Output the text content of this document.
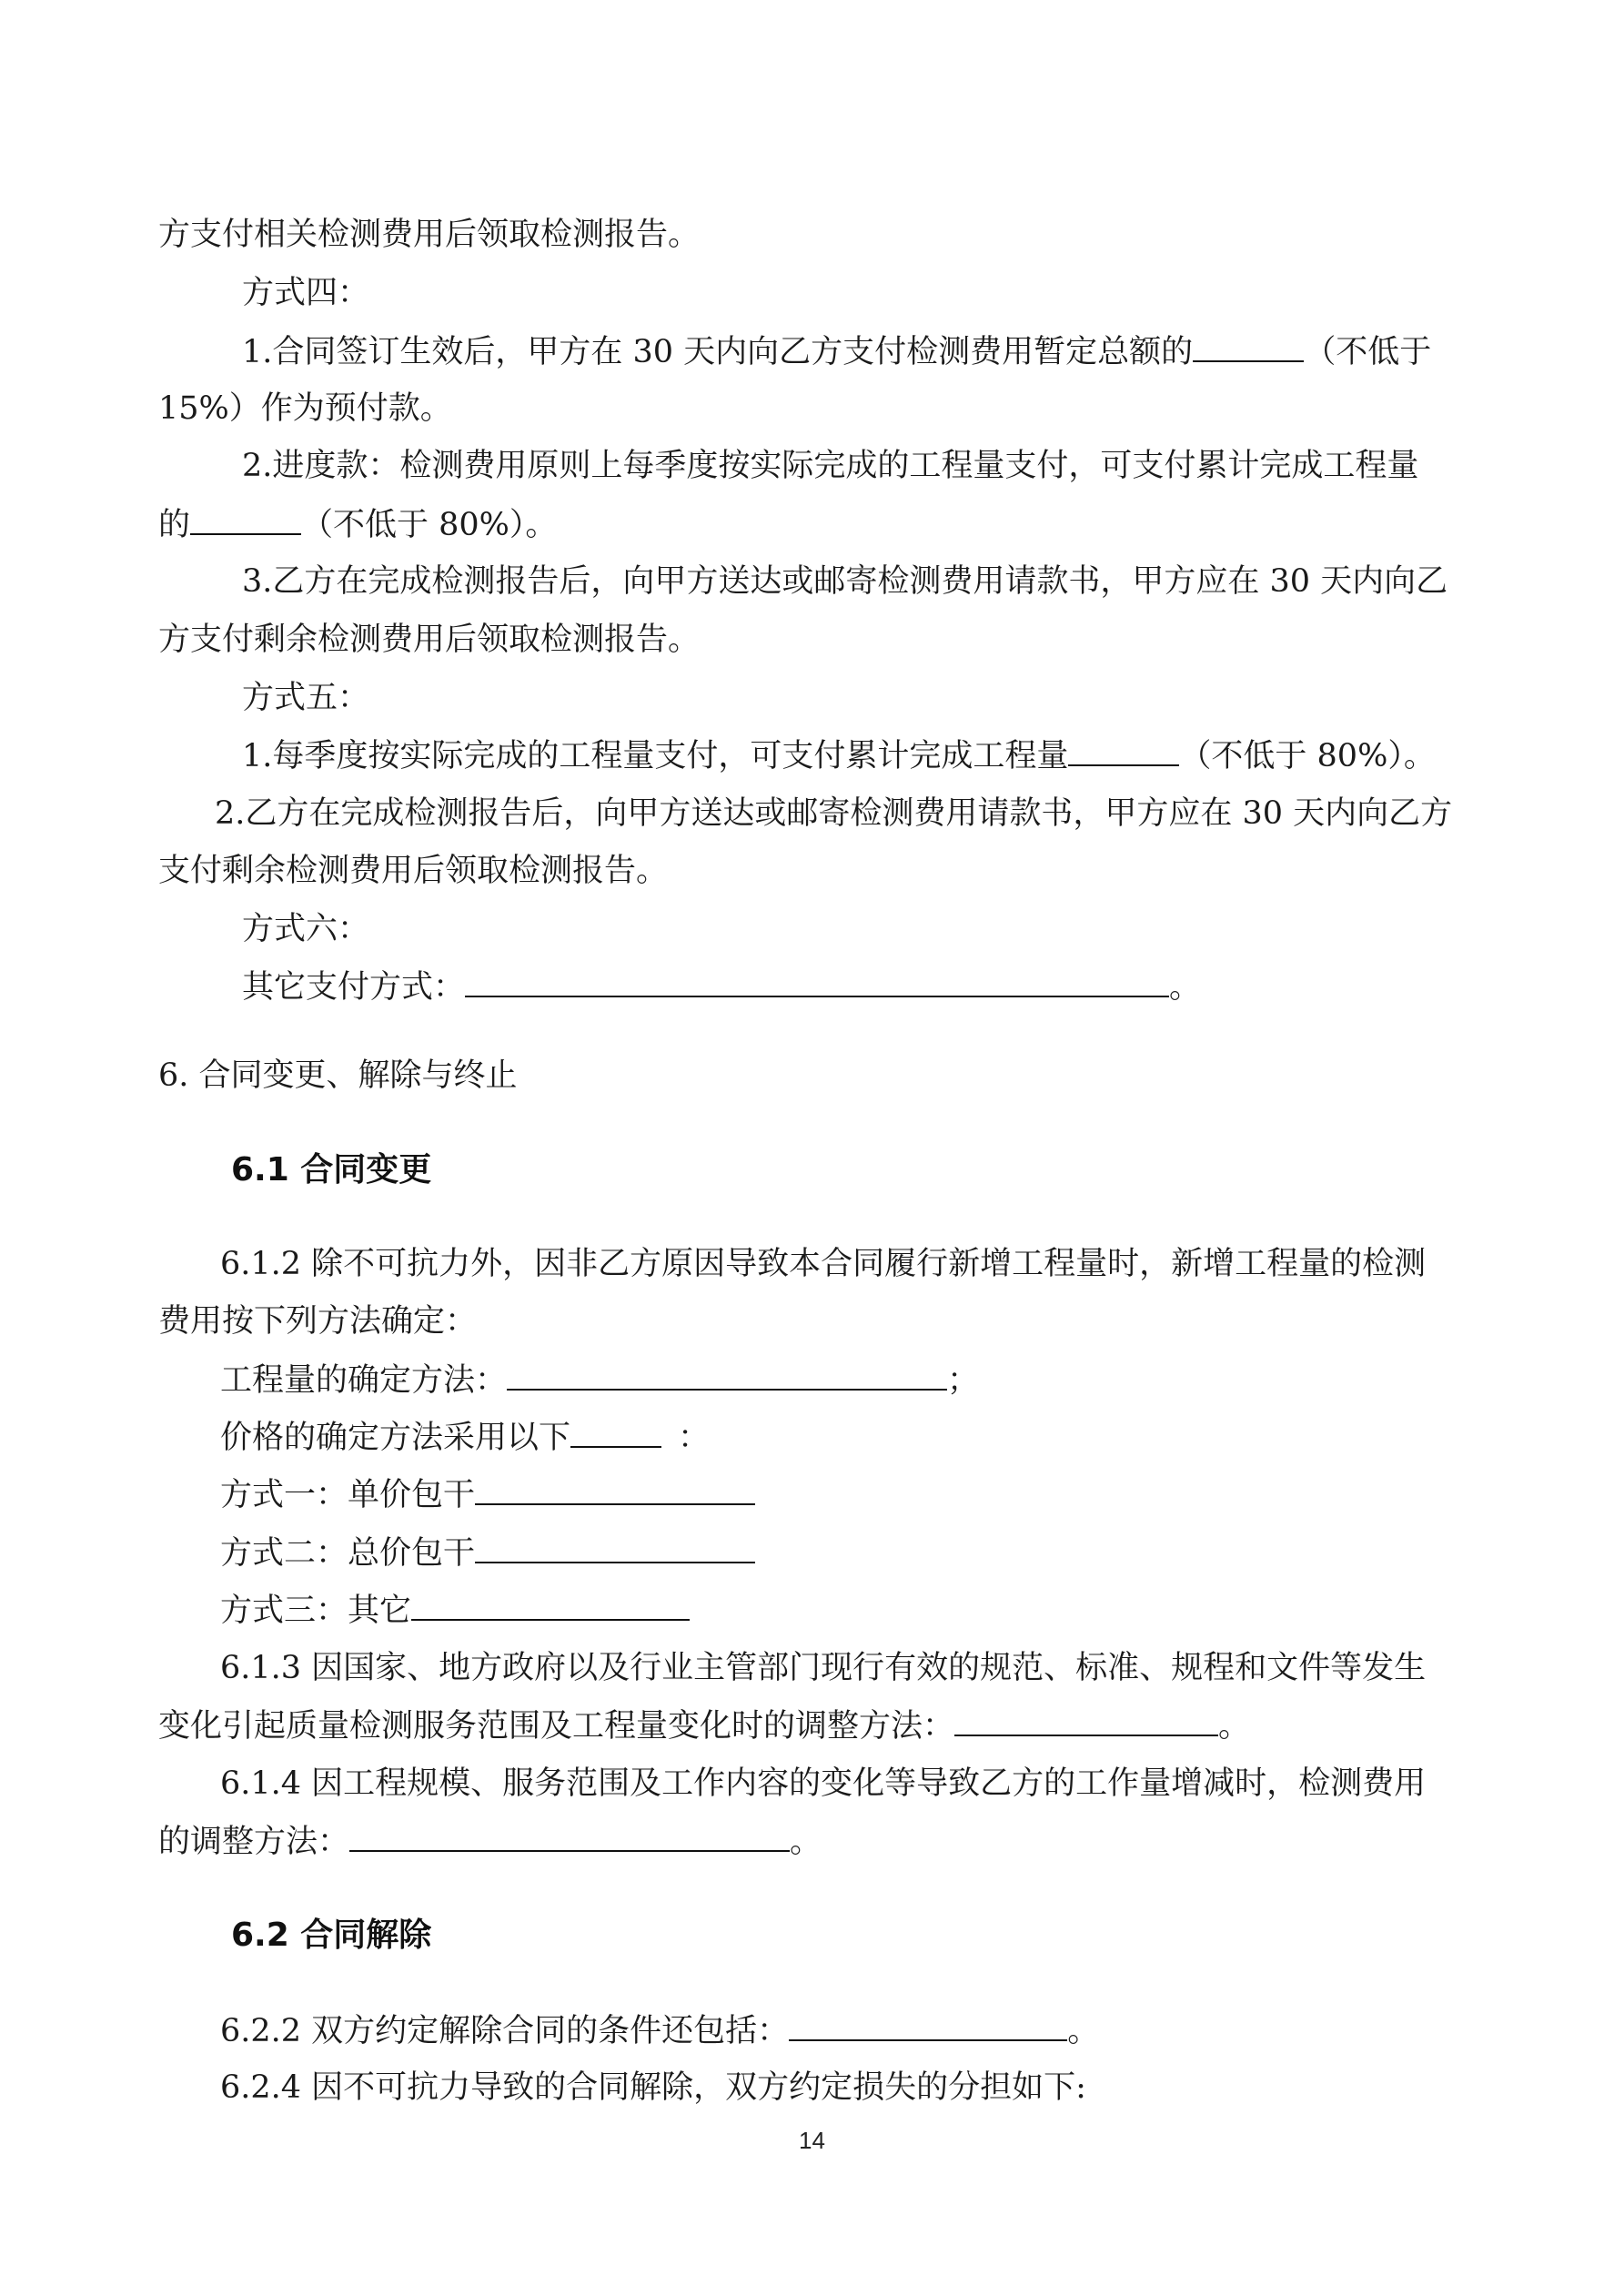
方支付相关检测费用后领取检测报告。
方式四：
1.合同签订生效后，甲方在 30 天内向乙方支付检测费用暂定总额的	（不低于
15%）作为预付款。
2.进度款：检测费用原则上每季度按实际完成的工程量支付，可支付累计完成工程量
的	（不低于 80%）。
3.乙方在完成检测报告后，向甲方送达或邮寄检测费用请款书，甲方应在 30 天内向乙
方支付剩余检测费用后领取检测报告。
方式五：
1.每季度按实际完成的工程量支付，可支付累计完成工程量	（不低于 80%）。
2.乙方在完成检测报告后，向甲方送达或邮寄检测费用请款书，甲方应在 30 天内向乙方
支付剩余检测费用后领取检测报告。
方式六：
其它支付方式：	。
6. 合同变更、解除与终止
6.1 合同变更
6.1.2 除不可抗力外，因非乙方原因导致本合同履行新增工程量时，新增工程量的检测
费用按下列方法确定：
工程量的确定方法：	；
价格的确定方法采用以下	：
方式一：单价包干
方式二：总价包干
方式三：其它
6.1.3 因国家、地方政府以及行业主管部门现行有效的规范、标准、规程和文件等发生
变化引起质量检测服务范围及工程量变化时的调整方法：	。
6.1.4 因工程规模、服务范围及工作内容的变化等导致乙方的工作量增减时，检测费用
的调整方法：	。
6.2 合同解除
6.2.2 双方约定解除合同的条件还包括：	。
6.2.4 因不可抗力导致的合同解除，双方约定损失的分担如下:
14
